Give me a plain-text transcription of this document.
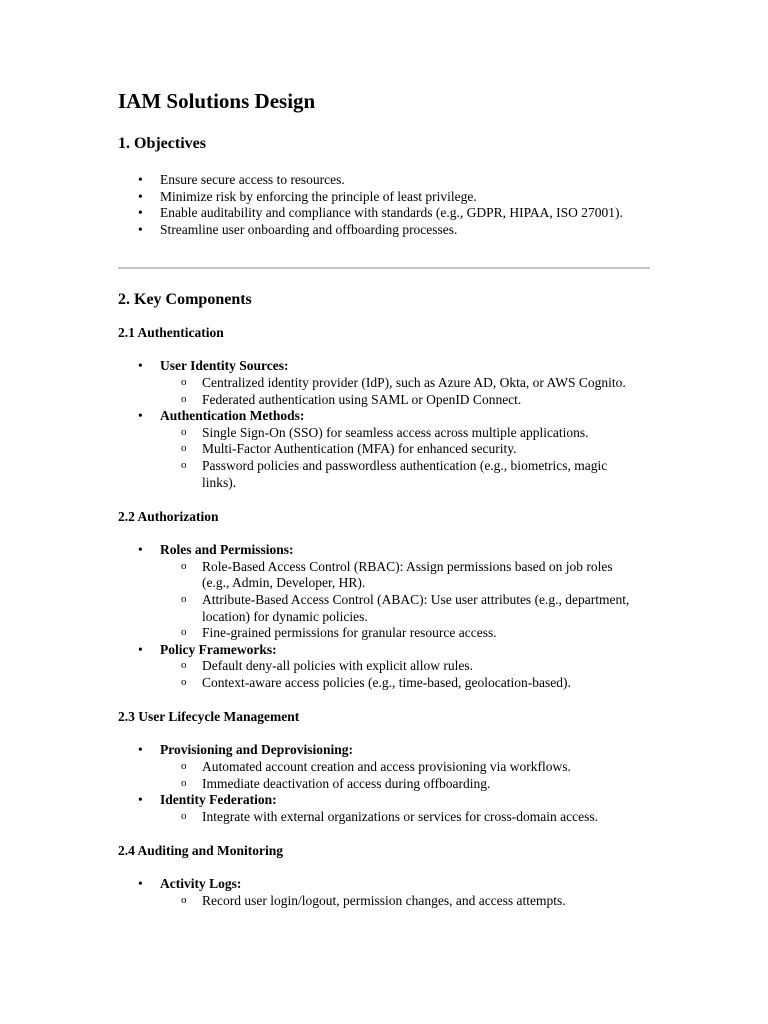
IAM Solutions Design
1. Objectives
• Ensure secure access to resources.
• Minimize risk by enforcing the principle of least privilege.
• Enable auditability and compliance with standards (e.g., GDPR, HIPAA, ISO 27001).
• Streamline user onboarding and offboarding processes.
2. Key Components
2.1 Authentication
• User Identity Sources:
o Centralized identity provider (IdP), such as Azure AD, Okta, or AWS Cognito.
o Federated authentication using SAML or OpenID Connect.
• Authentication Methods:
o Single Sign-On (SSO) for seamless access across multiple applications.
o Multi-Factor Authentication (MFA) for enhanced security.
o Password policies and passwordless authentication (e.g., biometrics, magic links).
2.2 Authorization
• Roles and Permissions:
o Role-Based Access Control (RBAC): Assign permissions based on job roles (e.g., Admin, Developer, HR).
o Attribute-Based Access Control (ABAC): Use user attributes (e.g., department, location) for dynamic policies.
o Fine-grained permissions for granular resource access.
• Policy Frameworks:
o Default deny-all policies with explicit allow rules.
o Context-aware access policies (e.g., time-based, geolocation-based).
2.3 User Lifecycle Management
• Provisioning and Deprovisioning:
o Automated account creation and access provisioning via workflows.
o Immediate deactivation of access during offboarding.
• Identity Federation:
o Integrate with external organizations or services for cross-domain access.
2.4 Auditing and Monitoring
• Activity Logs:
o Record user login/logout, permission changes, and access attempts.
